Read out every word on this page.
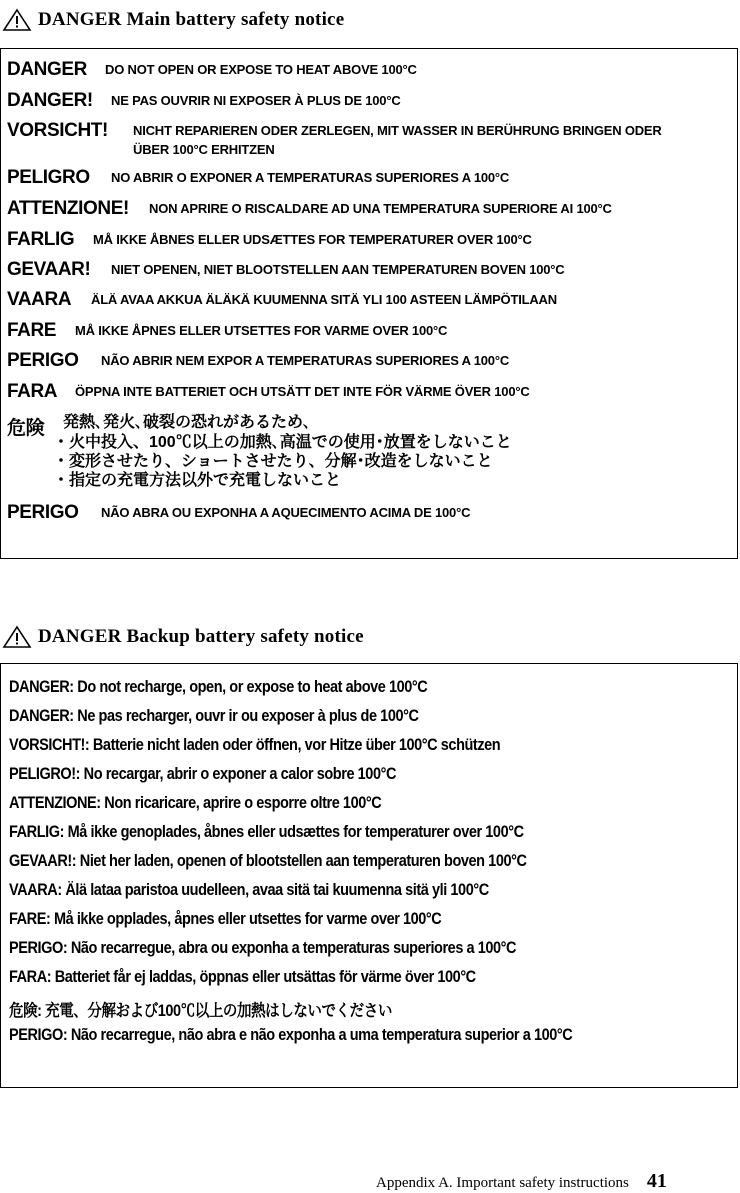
DANGER Main battery safety notice
DANGER DO NOT OPEN OR EXPOSE TO HEAT ABOVE 100°C
DANGER! NE PAS OUVRIR NI EXPOSER À PLUS DE 100°C
VORSICHT! NICHT REPARIEREN ODER ZERLEGEN, MIT WASSER IN BERÜHRUNG BRINGEN ODER
ÜBER 100°C ERHITZEN
PELIGRO NO ABRIR O EXPONER A TEMPERATURAS SUPERIORES A 100°C
ATTENZIONE! NON APRIRE O RISCALDARE AD UNA TEMPERATURA SUPERIORE AI 100°C
FARLIG MÅ IKKE ÅBNES ELLER UDSÆTTES FOR TEMPERATURER OVER 100°C
GEVAAR! NIET OPENEN, NIET BLOOTSTELLEN AAN TEMPERATUREN BOVEN 100°C
VAARA ÄLÄ AVAA AKKUA ÄLÄKÄ KUUMENNA SITÄ YLI 100 ASTEEN LÄMPÖTILAAN
FARE MÅ IKKE ÅPNES ELLER UTSETTES FOR VARME OVER 100°C
PERIGO NÃO ABRIR NEM EXPOR A TEMPERATURAS SUPERIORES A 100°C
FARA ÖPPNA INTE BATTERIET OCH UTSÄTT DET INTE FÖR VÄRME ÖVER 100°C
危険 発熱､発火､破裂の恐れがあるため､
・火中投入、100℃以上の加熱､高温での使用･放置をしないこと
・変形させたり、ショートさせたり、分解･改造をしないこと
・指定の充電方法以外で充電しないこと
PERIGO NÃO ABRA OU EXPONHA A AQUECIMENTO ACIMA DE 100°C
DANGER Backup battery safety notice
DANGER: Do not recharge, open, or expose to heat above 100°C
DANGER: Ne pas recharger, ouvr ir ou exposer à plus de 100°C
VORSICHT!: Batterie nicht laden oder öffnen, vor Hitze über 100°C schützen
PELIGRO!: No recargar, abrir o exponer a calor sobre 100°C
ATTENZIONE: Non ricaricare, aprire o esporre oltre 100°C
FARLIG: Må ikke genoplades, åbnes eller udsættes for temperaturer over 100°C
GEVAAR!: Niet her laden, openen of blootstellen aan temperaturen boven 100°C
VAARA: Älä lataa paristoa uudelleen, avaa sitä tai kuumenna sitä yli 100°C
FARE: Må ikke opplades, åpnes eller utsettes for varme over 100°C
PERIGO: Não recarregue, abra ou exponha a temperaturas superiores a 100°C
FARA: Batteriet får ej laddas, öppnas eller utsättas för värme över 100°C
危険: 充電、分解および100℃以上の加熱はしないでください
PERIGO: Não recarregue, não abra e não exponha a uma temperatura superior a 100°C
Appendix A. Important safety instructions 41
